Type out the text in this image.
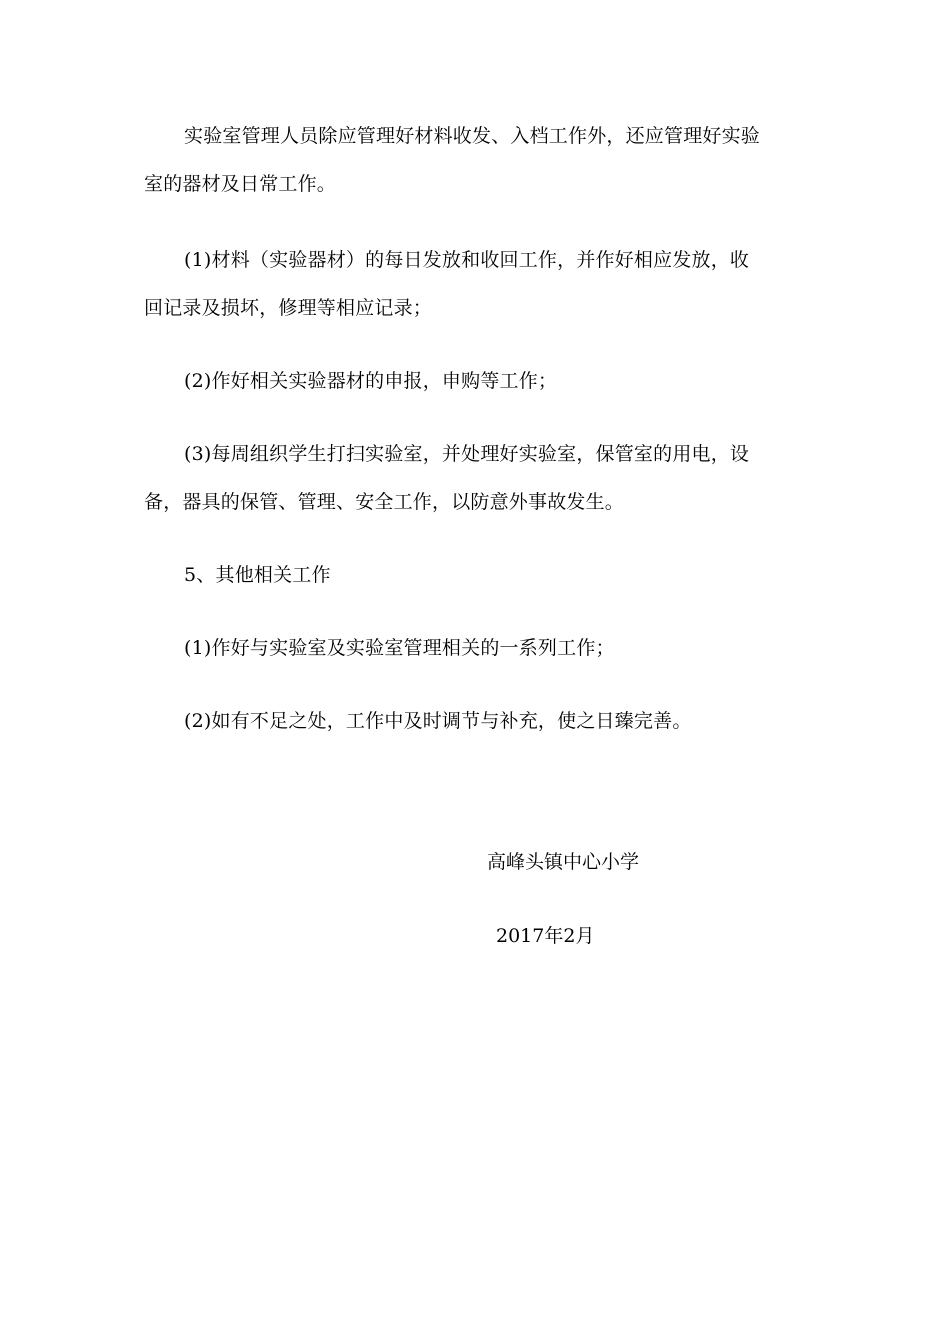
实验室管理人员除应管理好材料收发、入档工作外，还应管理好实验
室的器材及日常工作。

(1)材料（实验器材）的每日发放和收回工作，并作好相应发放，收
回记录及损坏，修理等相应记录；

(2)作好相关实验器材的申报，申购等工作；

(3)每周组织学生打扫实验室，并处理好实验室，保管室的用电，设
备，器具的保管、管理、安全工作，以防意外事故发生。

5、其他相关工作

(1)作好与实验室及实验室管理相关的一系列工作；

(2)如有不足之处，工作中及时调节与补充，使之日臻完善。

高峰头镇中心小学

2017年2月
